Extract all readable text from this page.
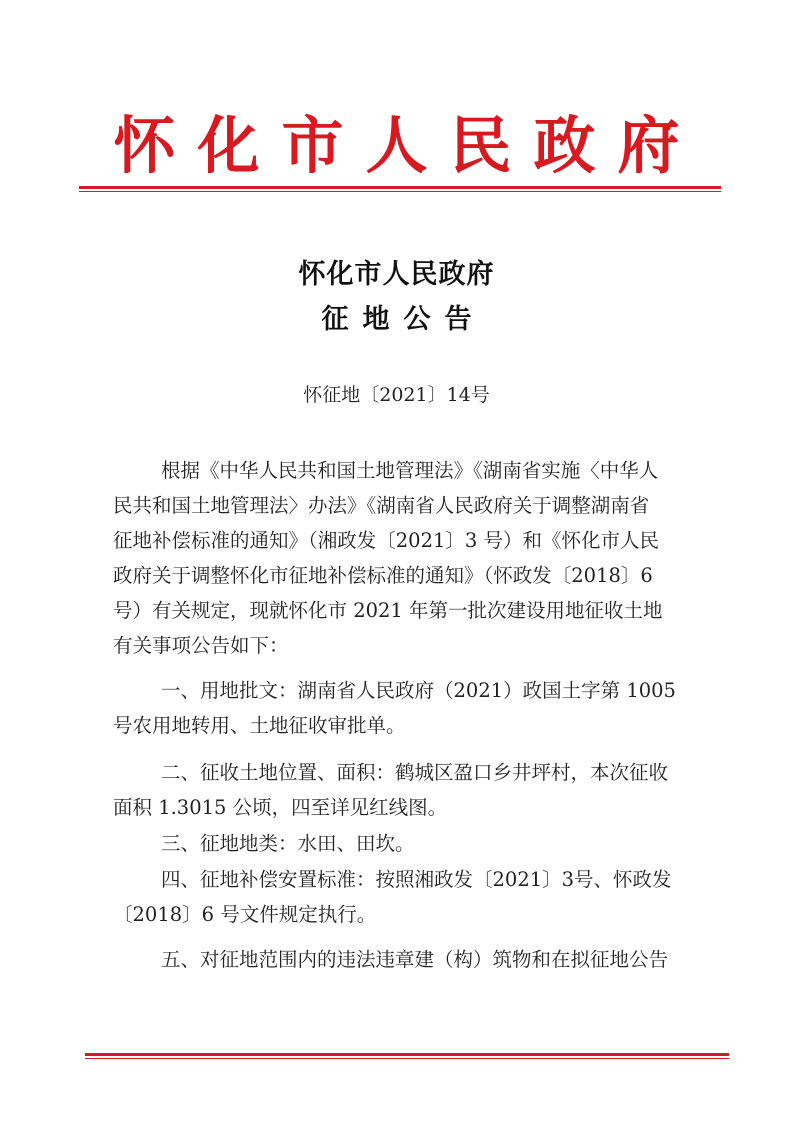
怀化市人民政府
怀化市人民政府
征地公告
怀征地〔2021〕14号
根据《中华人民共和国土地管理法》《湖南省实施〈中华人
民共和国土地管理法〉办法》《湖南省人民政府关于调整湖南省
征地补偿标准的通知》（湘政发〔2021〕3 号）和《怀化市人民
政府关于调整怀化市征地补偿标准的通知》（怀政发〔2018〕6
号）有关规定，现就怀化市 2021 年第一批次建设用地征收土地
有关事项公告如下：
一、用地批文：湖南省人民政府（2021）政国土字第 1005
号农用地转用、土地征收审批单。
二、征收土地位置、面积：鹤城区盈口乡井坪村，本次征收
面积 1.3015 公顷，四至详见红线图。
三、征地地类：水田、田坎。
四、征地补偿安置标准：按照湘政发〔2021〕3号、怀政发
〔2018〕6 号文件规定执行。
五、对征地范围内的违法违章建（构）筑物和在拟征地公告
